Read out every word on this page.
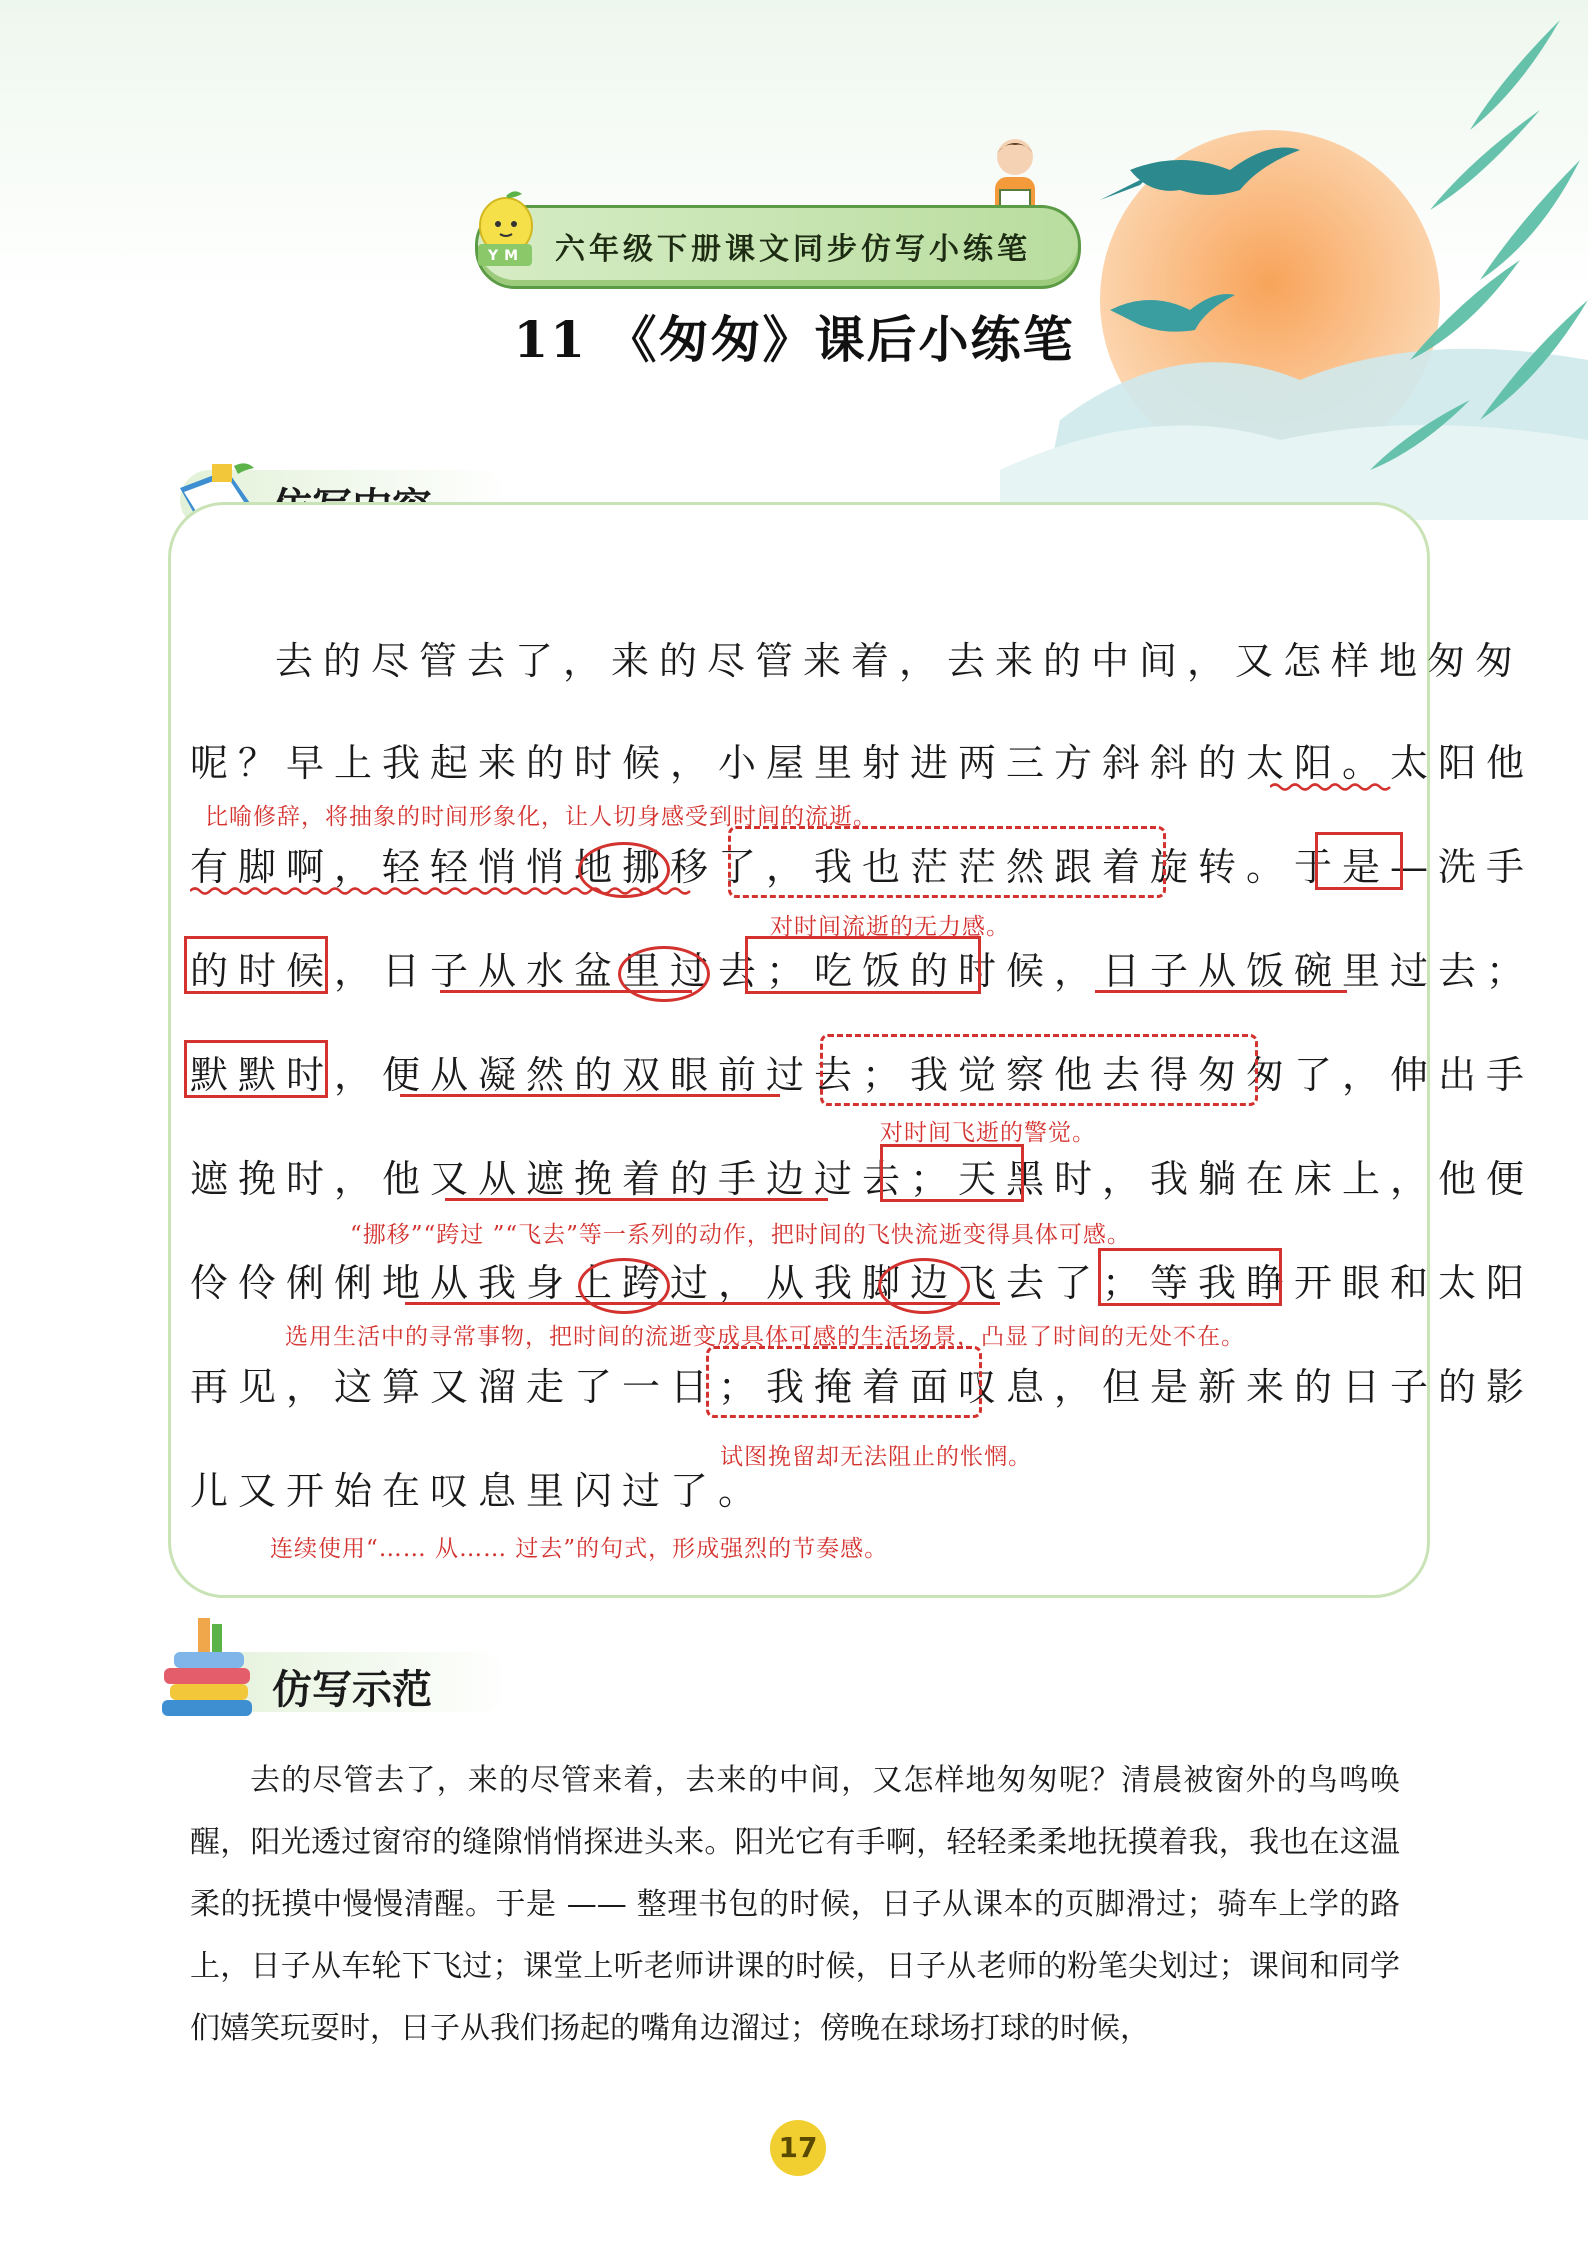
YM 六年级下册课文同步仿写小练笔
11 《匆匆》课后小练笔
去的尽管去了，来的尽管来着，去来的中间，又怎样地匆匆
呢？早上我起来的时候，小屋里射进两三方斜斜的太阳。太阳他
有脚啊，轻轻悄悄地挪移了，我也茫茫然跟着旋转。于是—洗手
的时候，日子从水盆里过去；吃饭的时候，日子从饭碗里过去；
默默时，便从凝然的双眼前过去；我觉察他去得匆匆了，伸出手
遮挽时，他又从遮挽着的手边过去；天黑时，我躺在床上，他便
伶伶俐俐地从我身上跨过，从我脚边飞去了；等我睁开眼和太阳
再见，这算又溜走了一日；我掩着面叹息，但是新来的日子的影
儿又开始在叹息里闪过了。
比喻修辞，将抽象的时间形象化，让人切身感受到时间的流逝。
对时间流逝的无力感。
对时间飞逝的警觉。
“挪移”“跨过 ”“飞去”等一系列的动作，把时间的飞快流逝变得具体可感。
选用生活中的寻常事物，把时间的流逝变成具体可感的生活场景，凸显了时间的无处不在。
试图挽留却无法阻止的怅惘。
连续使用“…… 从…… 过去”的句式，形成强烈的节奏感。
仿写示范

去的尽管去了，来的尽管来着，去来的中间，又怎样地匆匆呢？清晨被窗外的鸟鸣唤醒，阳光透过窗帘的缝隙悄悄探进头来。阳光它有手啊，轻轻柔柔地抚摸着我，我也在这温柔的抚摸中慢慢清醒。于是 —— 整理书包的时候，日子从课本的页脚滑过；骑车上学的路上，日子从车轮下飞过；课堂上听老师讲课的时候，日子从老师的粉笔尖划过；课间和同学们嬉笑玩耍时，日子从我们扬起的嘴角边溜过；傍晚在球场打球的时候，

17
